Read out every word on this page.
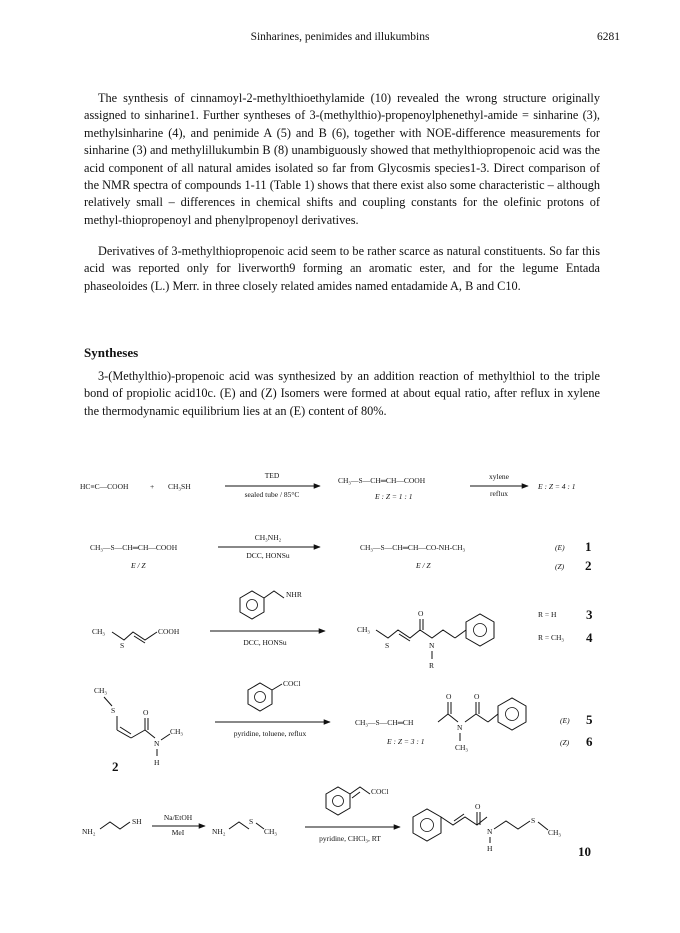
Sinharines, penimides and illukumbins	6281

The synthesis of cinnamoyl-2-methylthioethylamide (10) revealed the wrong structure originally assigned to sinharine1. Further syntheses of 3-(methylthio)-propenoylphenethyl-amide = sinharine (3), methylsinharine (4), and penimide A (5) and B (6), together with NOE-difference measurements for sinharine (3) and methylillukumbin B (8) unambiguously showed that methylthiopropenoic acid was the acid component of all natural amides isolated so far from Glycosmis species1-3. Direct comparison of the NMR spectra of compounds 1-11 (Table 1) shows that there exist also some characteristic – although relatively small – differences in chemical shifts and coupling constants for the olefinic protons of methyl-thiopropenoyl and phenylpropenoyl derivatives.

Derivatives of 3-methylthiopropenoic acid seem to be rather scarce as natural constituents. So far this acid was reported only for liverworth9 forming an aromatic ester, and for the legume Entada phaseoloides (L.) Merr. in three closely related amides named entadamide A, B and C10.

Syntheses

3-(Methylthio)-propenoic acid was synthesized by an addition reaction of methylthiol to the triple bond of propiolic acid10c. (E) and (Z) Isomers were formed at about equal ratio, after reflux in xylene the thermodynamic equilibrium lies at an (E) content of 80%.

HC≡C—COOH	+ CH₃SH
TED
sealed tube / 85°C
CH₃—S—CH═CH—COOH
E : Z = 1 : 1
xylene
reflux
E : Z = 4 : 1
CH₃—S—CH═CH—COOH
E / Z
CH₃NH₂
DCC, HONSu
CH₃—S—CH═CH—CO-NH-CH₃
E / Z
(E) 1
(Z) 2
CH₃
S
COOH
NHR
DCC, HONSu
CH₃
O
S	N
R
R = H 3
R = CH₃ 4
CH₃
S	O
N
CH₃
H
2
COCl
pyridine, toluene, reflux
CH₃—S—CH═CH
O
N
CH₃
O
E : Z = 3 : 1
(E) 5
(Z) 6
NH₂
SH	Na/EtOH
MeI	NH₂
S
CH₃
COCl
pyridine, CHCl₃, RT
O
N
H
S
CH₃
10
